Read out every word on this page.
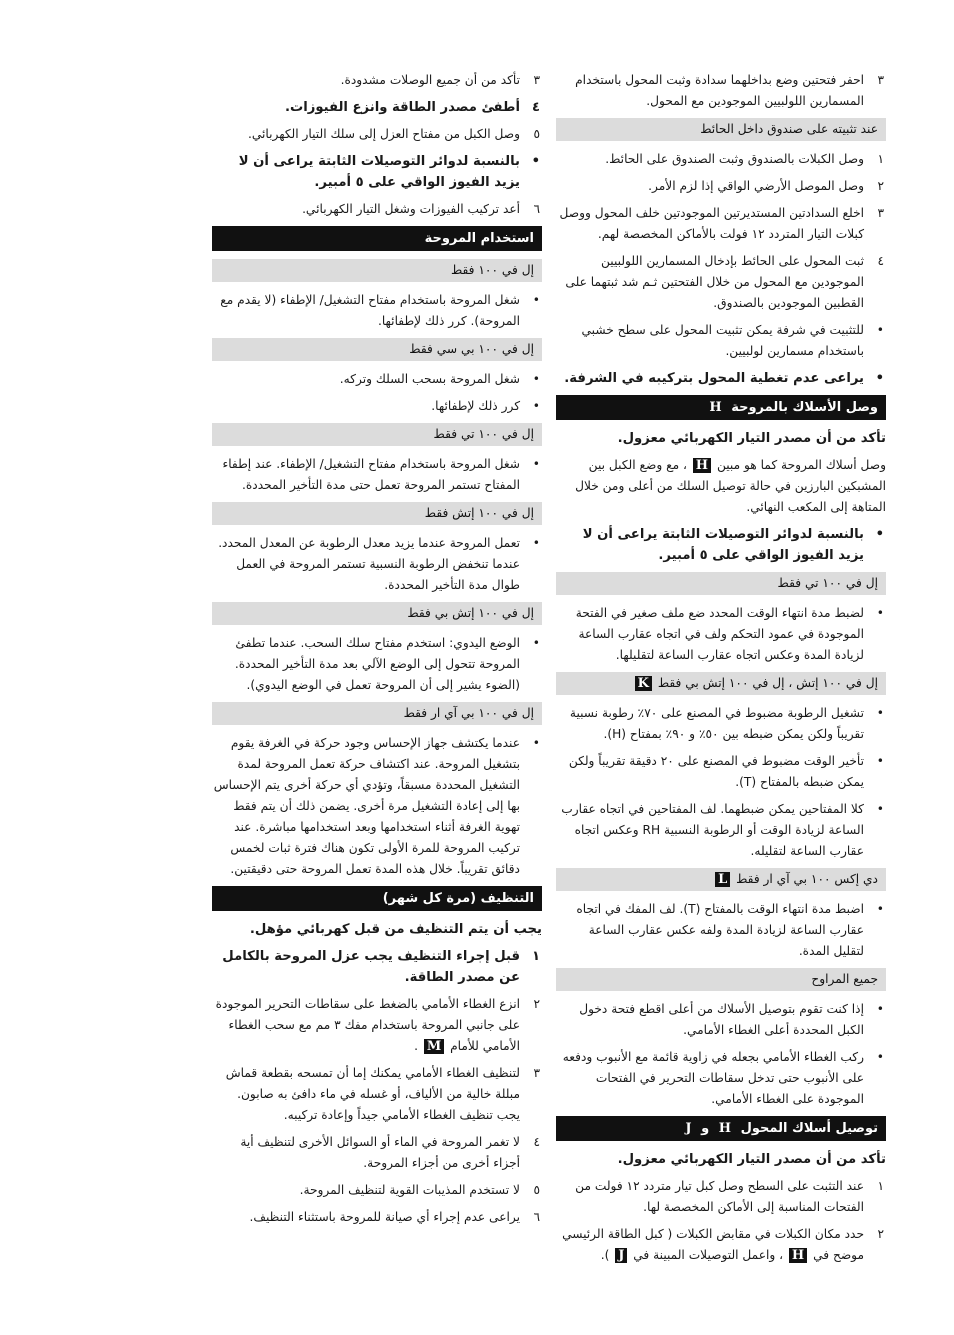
٣
احفر فتحتين وضع بداخلهما سدادة وثبت المحول باستخدام المسمارين اللولبيين الموجودين مع المحول.
عند تثبيته على صندوق داخل الحائط
١
وصل الكبلات بالصندوق وثبت الصندوق على الحائط.
٢
وصل الموصل الأرضي الواقي إذا لزم الأمر.
٣
اخلع السدادتين المستديرتين الموجودتين خلف المحول ووصل كبلات التيار المتردد ١٢ فولت بالأماكن المخصصة لهم.
٤
ثبت المحول على الحائط بإدخال المسمارين اللولبيين الموجودين مع المحول من خلال الفتحتين ثـم شد ثبتهما على القطبين الموجودين بالصندوق.
•
للتثبيت في شرفة يمكن تثبيت المحول على سطح خشبي باستخدام مسمارين لولبيين.
•
يراعى عدم تغطية المحول بتركيبه في الشرفة.
وصل الأسلاك بالمروحة H

تأكد من أن مصدر التيار الكهربائي معزول.

وصل أسلاك المروحة كما هو مبين H ، مع وضع الكبل بين المشبكين البارزين في حالة توصيل السلك من أعلى ومن خلال المتاهة إلى المكعب النهائي.

•
بالنسبة لدوائر التوصيلات الثابتة يراعى أن لا يزيد الفيوز الواقي على ٥ أمبير.
إل في ١٠٠ تي فقط
•
لضبط مدة انتهاء الوقت المحدد ضع ملف صغير في الفتحة الموجودة في عمود التحكم ولف في اتجاه عقارب الساعة لزيادة المدة وعكس اتجاه عقارب الساعة لتقليلها.
إل في ١٠٠ إتش ، إل في ١٠٠ إتش بي فقط K
•
تشغيل الرطوبة مضبوط في المصنع على ٧٠٪ رطوبة نسبية تقريباً ولكن يمكن ضبطه بين ٥٠٪ و ٩٠٪ بمفتاح (H).
•
تأخير الوقت مضبوط في المصنع على ٢٠ دقيقة تقريباً ولكن يمكن ضبطه بالمفتاح (T).
•
كلا المفتاحين يمكن ضبطهما. لف المفتاحين في اتجاه عقارب الساعة لزيادة الوقت أو الرطوبة النسبية RH وعكس اتجاه عقارب الساعة لتقليله.
دي إكس ١٠٠ بي آي ار فقط L
•
اضبط مدة انتهاء الوقت بالمفتاح (T). لف المفك في اتجاه عقارب الساعة لزيادة المدة ولفه عكس عقارب الساعة لتقليل المدة.
جميع المراوح
•
إذا كنت تقوم بتوصيل الأسلاك من أعلى اقطع فتحة دخول الكبل المحددة أعلى الغطاء الأمامي.
•
ركب الغطاء الأمامي بجعله في زاوية قائمة مع الأنبوب ودفعه على الأنبوب حتى تدخل سقاطات التحرير في الفتحات الموجودة على الغطاء الأمامي.
توصيل أسلاك المحول H و J

تأكد من أن مصدر التيار الكهربائي معزول.

١
عند التثبت على السطح وصل كبل تيار متردد ١٢ فولت من الفتحات المناسبة إلى الأماكن المخصصة لها.
٢
حدد مكان الكبلات في مقابض الكبلات ( كبل الطاقة الرئيسي موضح في H ، واعمل التوصيلات المبينة في J ).
٣
تأكد من أن جميع الوصلات مشدودة.
٤
أطفئ مصدر الطاقة وانزع الفيوزات.
٥
وصل الكبل من مفتاح العزل إلى سلك التيار الكهربائي.
•
بالنسبة لدوائر التوصيلات الثابتة يراعى أن لا يزيد الفيوز الواقي على ٥ أمبير.
٦
أعد تركيب الفيوزات وشغل التيار الكهربائي.
استخدام المروحة
إل في ١٠٠ فقط
•
شغل المروحة باستخدام مفتاح التشغيل/ الإطفاء (لا يقدم مع المروحة). كرر ذلك لإطفائها.
إل في ١٠٠ بي سي فقط
•
شغل المروحة بسحب السلك وتركه.
•
كرر ذلك لإطفائها.
إل في ١٠٠ تي فقط
•
شغل المروحة باستخدام مفتاح التشغيل/ الإطفاء. عند إطفاء المفتاح تستمر المروحة تعمل حتى مدة التأخير المحددة.
إل في ١٠٠ إتش فقط
•
تعمل المروحة عندما يزيد معدل الرطوبة عن المعدل المحدد. عندما تنخفض الرطوبة النسبية تستمر المروحة في العمل طوال مدة التأخير المحددة.
إل في ١٠٠ إتش بي فقط
•
الوضع اليدوي: استخدم مفتاح سلك السحب. عندما تطفئ المروحة تتحول إلى الوضع الآلي بعد مدة التأخير المحددة. (الضوء يشير إلى أن المروحة تعمل في الوضع اليدوي).
إل في ١٠٠ بي آي ار فقط
•
عندما يكتشف جهاز الإحساس وجود حركة في الغرفة يقوم بتشغيل المروحة. عند اكتشاف حركة تعمل المروحة لمدة التشغيل المحددة مسبقاً، وتؤدي أي حركة أخرى يتم الإحساس بها إلى إعادة التشغيل مرة أخرى. يضمن ذلك أن يتم فقط تهوية الغرفة أثناء استخدامها وبعد استخدامها مباشرة. عند تركيب المروحة للمرة الأولى تكون هناك فترة ثبات لخمس دقائق تقريباً. خلال هذه المدة تعمل المروحة حتى دقيقتين.
التنظيف (مرة كل شهر)

يجب أن يتم التنظيف من قبل كهربائي مؤهل.

١
قبل إجراء التنظيف يجب عزل المروحة بالكامل عن مصدر الطاقة.
٢
انزع الغطاء الأمامي بالضغط على سقاطات التحرير الموجودة على جانبي المروحة باستخدام مفك ٣ مم مع سحب الغطاء الأمامي للأمام M .
٣
لتنظيف الغطاء الأمامي يمكنك إما أن تمسحه بقطعة قماش مبللة خالية من الألياف، أو غسله في ماء دافئ به صابون. يجب تنظيف الغطاء الأمامي جيداً وإعادة تركيبه.
٤
لا تغمر المروحة في الماء أو السوائل الأخرى لتنظيف أية أجزاء أخرى من أجزاء المروحة.
٥
لا تستخدم المذيبات القوية لتنظيف المروحة.
٦
يراعى عدم إجراء أي صيانة للمروحة باستثناء التنظيف.
